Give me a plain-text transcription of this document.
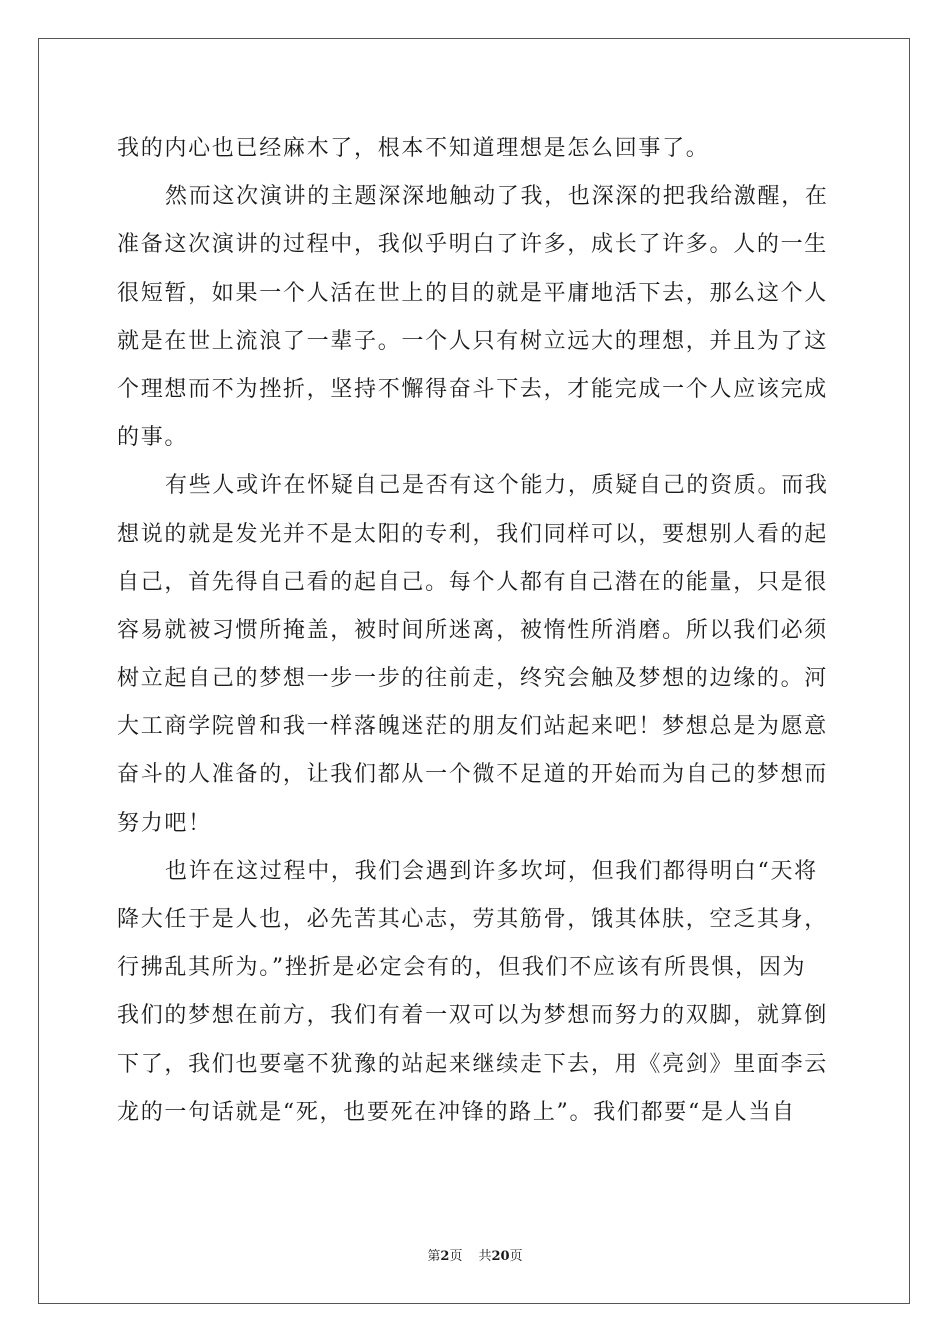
我的内心也已经麻木了，根本不知道理想是怎么回事了。
然而这次演讲的主题深深地触动了我，也深深的把我给激醒，在
准备这次演讲的过程中，我似乎明白了许多，成长了许多。人的一生
很短暂，如果一个人活在世上的目的就是平庸地活下去，那么这个人
就是在世上流浪了一辈子。一个人只有树立远大的理想，并且为了这
个理想而不为挫折，坚持不懈得奋斗下去，才能完成一个人应该完成
的事。
有些人或许在怀疑自己是否有这个能力，质疑自己的资质。而我
想说的就是发光并不是太阳的专利，我们同样可以，要想别人看的起
自己，首先得自己看的起自己。每个人都有自己潜在的能量，只是很
容易就被习惯所掩盖，被时间所迷离，被惰性所消磨。所以我们必须
树立起自己的梦想一步一步的往前走，终究会触及梦想的边缘的。河
大工商学院曾和我一样落魄迷茫的朋友们站起来吧！梦想总是为愿意
奋斗的人准备的，让我们都从一个微不足道的开始而为自己的梦想而
努力吧！
也许在这过程中，我们会遇到许多坎坷，但我们都得明白“天将
降大任于是人也，必先苦其心志，劳其筋骨，饿其体肤，空乏其身，
行拂乱其所为。”挫折是必定会有的，但我们不应该有所畏惧，因为
我们的梦想在前方，我们有着一双可以为梦想而努力的双脚，就算倒
下了，我们也要毫不犹豫的站起来继续走下去，用《亮剑》里面李云
龙的一句话就是“死，也要死在冲锋的路上”。我们都要“是人当自
第2页 共20页
